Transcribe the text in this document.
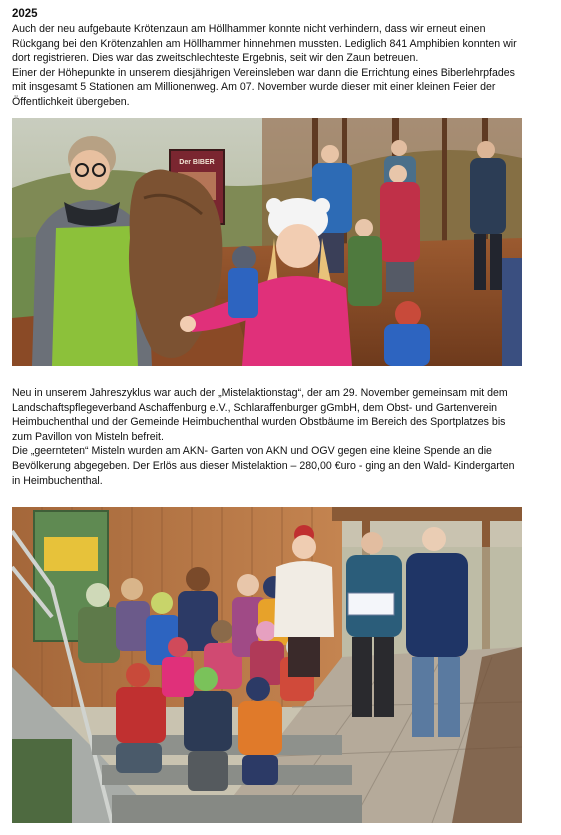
2025
Auch der neu aufgebaute Krötenzaun am Höllhammer konnte nicht verhindern, dass wir erneut einen
Rückgang bei den Krötenzahlen am Höllhammer hinnehmen mussten. Lediglich 841 Amphibien konnten wir
dort registrieren. Dies war das zweitschlechteste Ergebnis, seit wir den Zaun betreuen.
Einer der Höhepunkte in unserem diesjährigen Vereinsleben war dann die Errichtung eines Biberlehrpfades
mit insgesamt 5 Stationen am Millionenweg. Am 07. November wurde dieser mit einer kleinen Feier der
Öffentlichkeit übergeben.
Der BIBER
Neu in unserem Jahreszyklus war auch der „Mistelaktionstag“, der am 29. November gemeinsam mit dem
Landschaftspflegeverband Aschaffenburg e.V., Schlaraffenburger gGmbH, dem Obst- und Gartenverein
Heimbuchenthal und der Gemeinde Heimbuchenthal wurden Obstbäume im Bereich des Sportplatzes bis
zum Pavillon von Misteln befreit.
Die „geernteten“ Misteln wurden am AKN- Garten von AKN und OGV gegen eine kleine Spende an die
Bevölkerung abgegeben. Der Erlös aus dieser Mistelaktion – 280,00 €uro - ging an den Wald- Kindergarten
in Heimbuchenthal.
